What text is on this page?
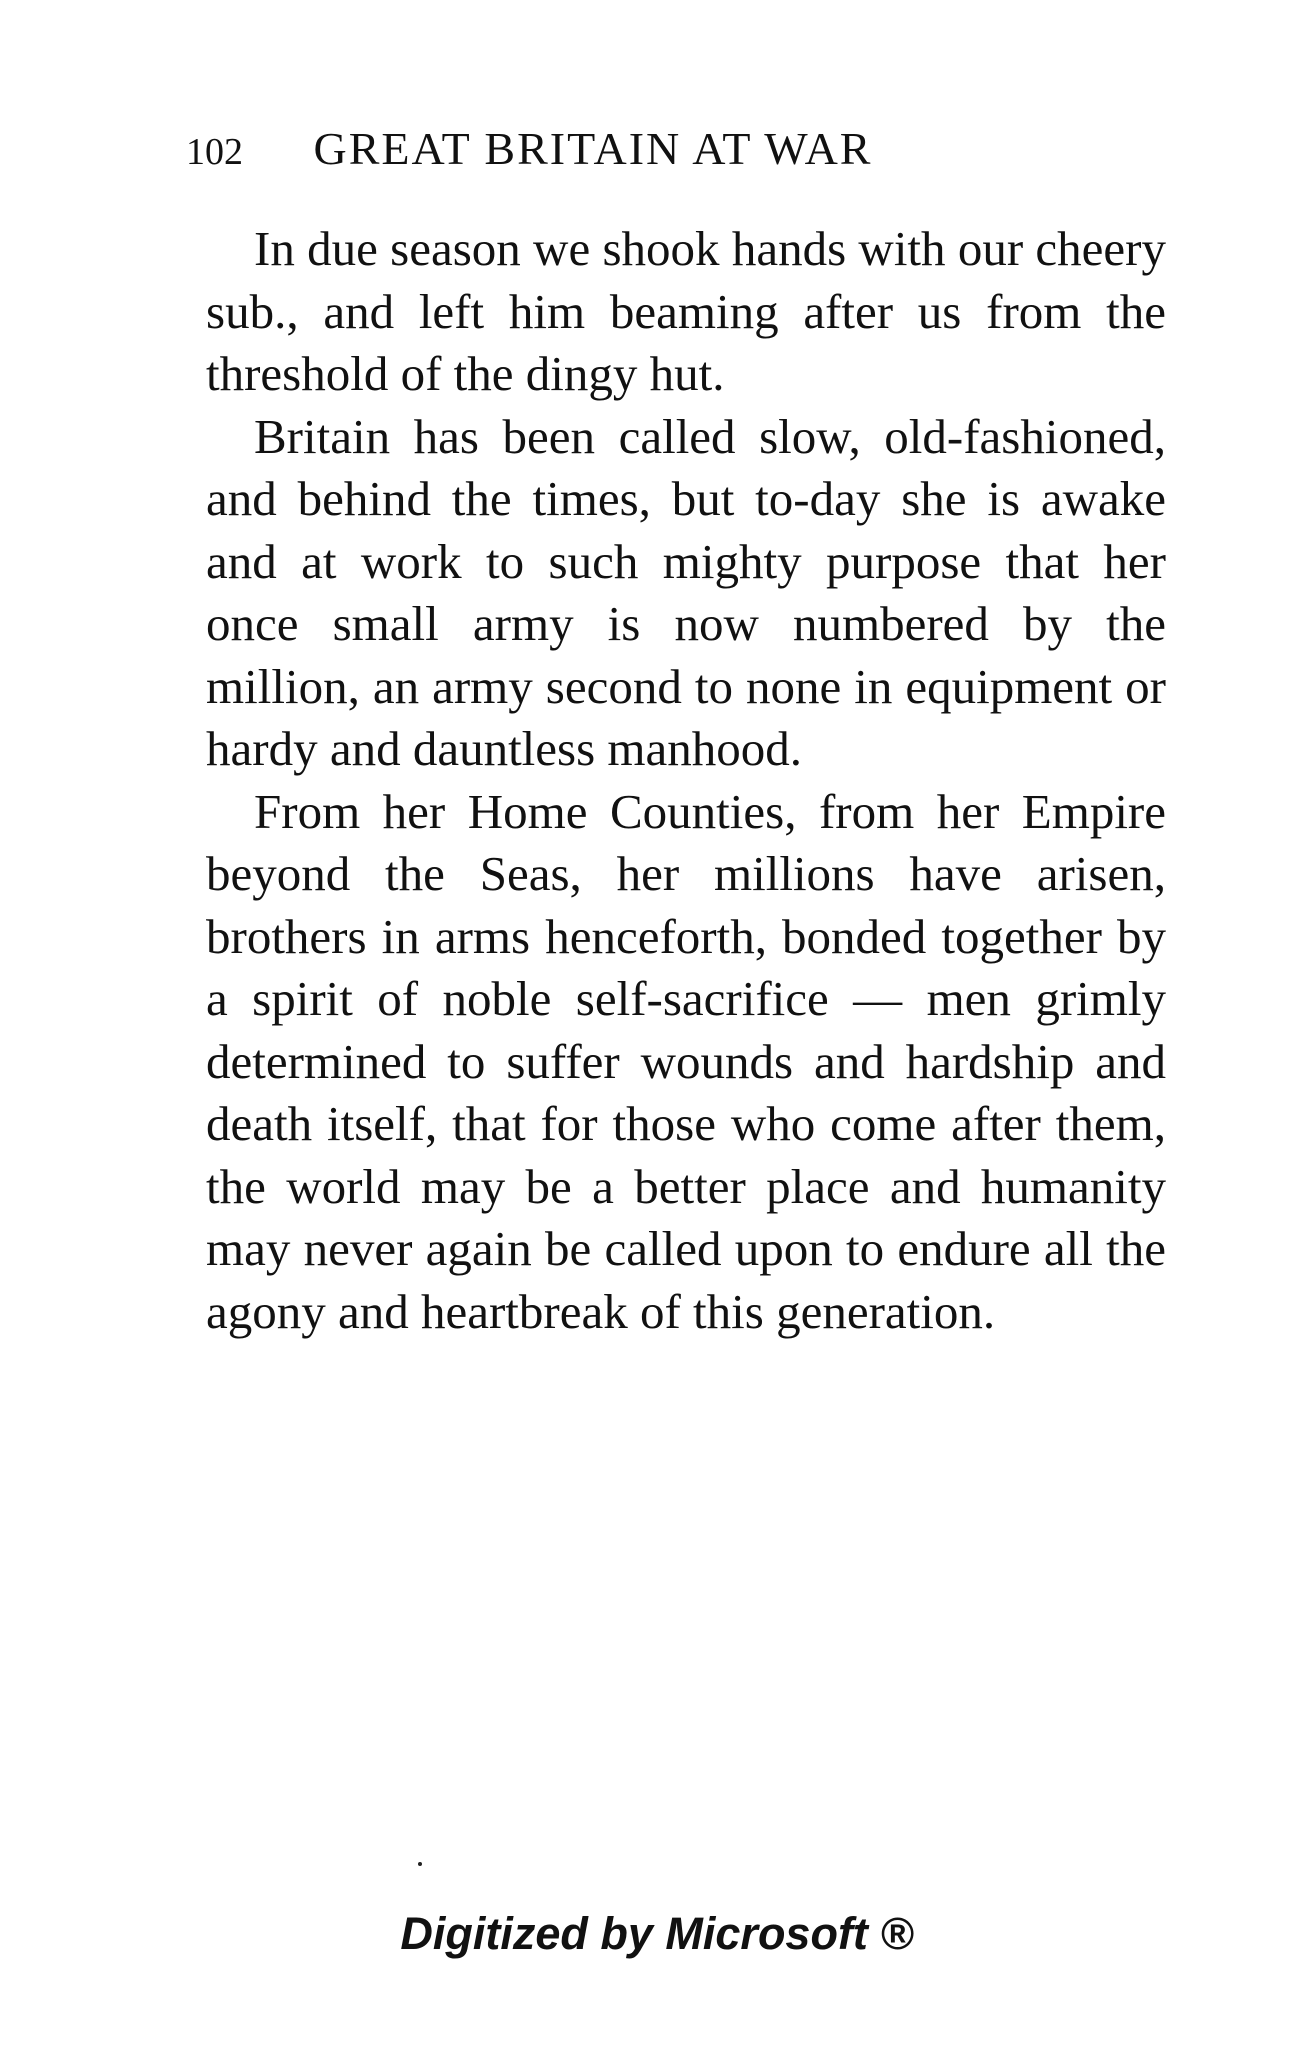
102 GREAT BRITAIN AT WAR

In due season we shook hands with our cheery sub., and left him beaming after us from the threshold of the dingy hut.

Britain has been called slow, old-fashioned, and behind the times, but to-day she is awake and at work to such mighty purpose that her once small army is now numbered by the million, an army second to none in equipment or hardy and dauntless manhood.

From her Home Counties, from her Empire beyond the Seas, her millions have arisen, brothers in arms henceforth, bonded together by a spirit of noble self-sacrifice — men grimly determined to suffer wounds and hardship and death itself, that for those who come after them, the world may be a better place and humanity may never again be called upon to endure all the agony and heartbreak of this generation.

Digitized by Microsoft ®
